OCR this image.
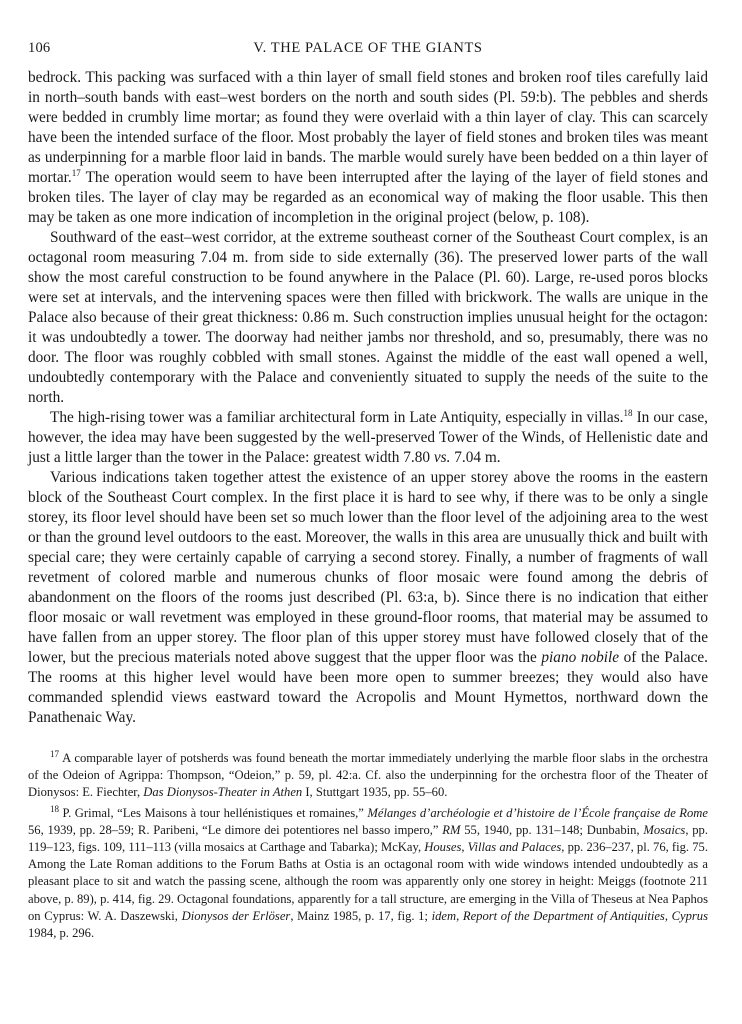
106	V. THE PALACE OF THE GIANTS

bedrock. This packing was surfaced with a thin layer of small field stones and broken roof tiles carefully laid in north–south bands with east–west borders on the north and south sides (Pl. 59:b). The pebbles and sherds were bedded in crumbly lime mortar; as found they were overlaid with a thin layer of clay. This can scarcely have been the intended surface of the floor. Most probably the layer of field stones and broken tiles was meant as underpinning for a marble floor laid in bands. The marble would surely have been bedded on a thin layer of mortar.$^{17}$ The operation would seem to have been interrupted after the laying of the layer of field stones and broken tiles. The layer of clay may be regarded as an economical way of making the floor usable. This then may be taken as one more indication of incompletion in the original project (below, p. 108).

Southward of the east–west corridor, at the extreme southeast corner of the Southeast Court complex, is an octagonal room measuring 7.04 m. from side to side externally (36). The preserved lower parts of the wall show the most careful construction to be found anywhere in the Palace (Pl. 60). Large, re-used poros blocks were set at intervals, and the intervening spaces were then filled with brickwork. The walls are unique in the Palace also because of their great thickness: 0.86 m. Such construction implies unusual height for the octagon: it was undoubtedly a tower. The doorway had neither jambs nor threshold, and so, presumably, there was no door. The floor was roughly cobbled with small stones. Against the middle of the east wall opened a well, undoubtedly contemporary with the Palace and conveniently situated to supply the needs of the suite to the north.

The high-rising tower was a familiar architectural form in Late Antiquity, especially in villas.$^{18}$ In our case, however, the idea may have been suggested by the well-preserved Tower of the Winds, of Hellenistic date and just a little larger than the tower in the Palace: greatest width 7.80 vs. 7.04 m.

Various indications taken together attest the existence of an upper storey above the rooms in the eastern block of the Southeast Court complex. In the first place it is hard to see why, if there was to be only a single storey, its floor level should have been set so much lower than the floor level of the adjoining area to the west or than the ground level outdoors to the east. Moreover, the walls in this area are unusually thick and built with special care; they were certainly capable of carrying a second storey. Finally, a number of fragments of wall revetment of colored marble and numerous chunks of floor mosaic were found among the debris of abandonment on the floors of the rooms just described (Pl. 63:a, b). Since there is no indication that either floor mosaic or wall revetment was employed in these ground-floor rooms, that material may be assumed to have fallen from an upper storey. The floor plan of this upper storey must have followed closely that of the lower, but the precious materials noted above suggest that the upper floor was the piano nobile of the Palace. The rooms at this higher level would have been more open to summer breezes; they would also have commanded splendid views eastward toward the Acropolis and Mount Hymettos, northward down the Panathenaic Way.

$^{17}$ A comparable layer of potsherds was found beneath the mortar immediately underlying the marble floor slabs in the orchestra of the Odeion of Agrippa: Thompson, “Odeion,” p. 59, pl. 42:a. Cf. also the underpinning for the orchestra floor of the Theater of Dionysos: E. Fiechter, Das Dionysos-Theater in Athen I, Stuttgart 1935, pp. 55–60.

$^{18}$ P. Grimal, “Les Maisons à tour hellénistiques et romaines,” Mélanges d’archéologie et d’histoire de l’École française de Rome 56, 1939, pp. 28–59; R. Paribeni, “Le dimore dei potentiores nel basso impero,” RM 55, 1940, pp. 131–148; Dunbabin, Mosaics, pp. 119–123, figs. 109, 111–113 (villa mosaics at Carthage and Tabarka); McKay, Houses, Villas and Palaces, pp. 236–237, pl. 76, fig. 75. Among the Late Roman additions to the Forum Baths at Ostia is an octagonal room with wide windows intended undoubtedly as a pleasant place to sit and watch the passing scene, although the room was apparently only one storey in height: Meiggs (footnote 211 above, p. 89), p. 414, fig. 29. Octagonal foundations, apparently for a tall structure, are emerging in the Villa of Theseus at Nea Paphos on Cyprus: W. A. Daszewski, Dionysos der Erlöser, Mainz 1985, p. 17, fig. 1; idem, Report of the Department of Antiquities, Cyprus 1984, p. 296.
